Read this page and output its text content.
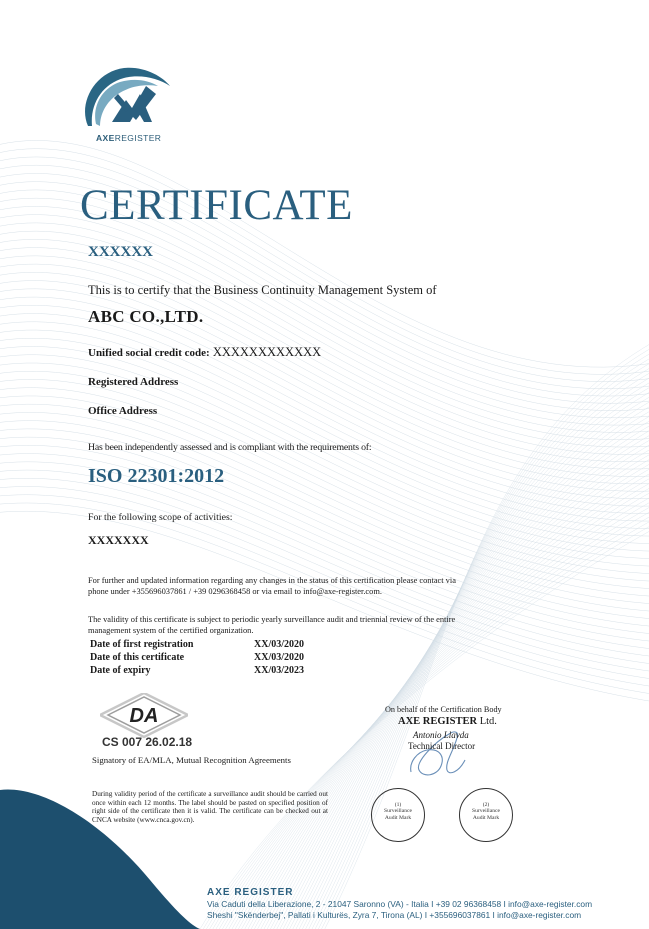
AXEREGISTER
CERTIFICATE
XXXXXX
This is to certify that the Business Continuity Management System of
ABC CO.,LTD.
Unified social credit code: XXXXXXXXXXXX
Registered Address
Office Address
Has been independently assessed and is compliant with the requirements of:
ISO 22301:2012
For the following scope of activities:
XXXXXXX
For further and updated information regarding any changes in the status of this certification please contact via
phone under +355696037861 / +39 0296368458 or via email to info@axe-register.com.
The validity of this certificate is subject to periodic yearly surveillance audit and triennial review of the entire
management system of the certified organization.
Date of first registration	XX/03/2020
Date of this certificate	XX/03/2020
Date of expiry	XX/03/2023
DA
CS 007 26.02.18
Signatory of EA/MLA, Mutual Recognition Agreements
During validity period of the certificate a surveillance audit should be carried out once within each 12 months. The label should be pasted on specified position of right side of the certificate then it is valid. The certificate can be checked out at CNCA website (www.cnca.gov.cn).
On behalf of the Certification Body
AXE REGISTER Ltd.
Antonio Llavda
Technical Director
(1)
Surveillance
Audit Mark
(2)
Surveillance
Audit Mark
AXE REGISTER
Via Caduti della Liberazione, 2 - 21047 Saronno (VA) - Italia I +39 02 96368458 I info@axe-register.com
Sheshi "Skënderbej", Pallati i Kulturës, Zyra 7, Tirona (AL) I +355696037861 I info@axe-register.com
